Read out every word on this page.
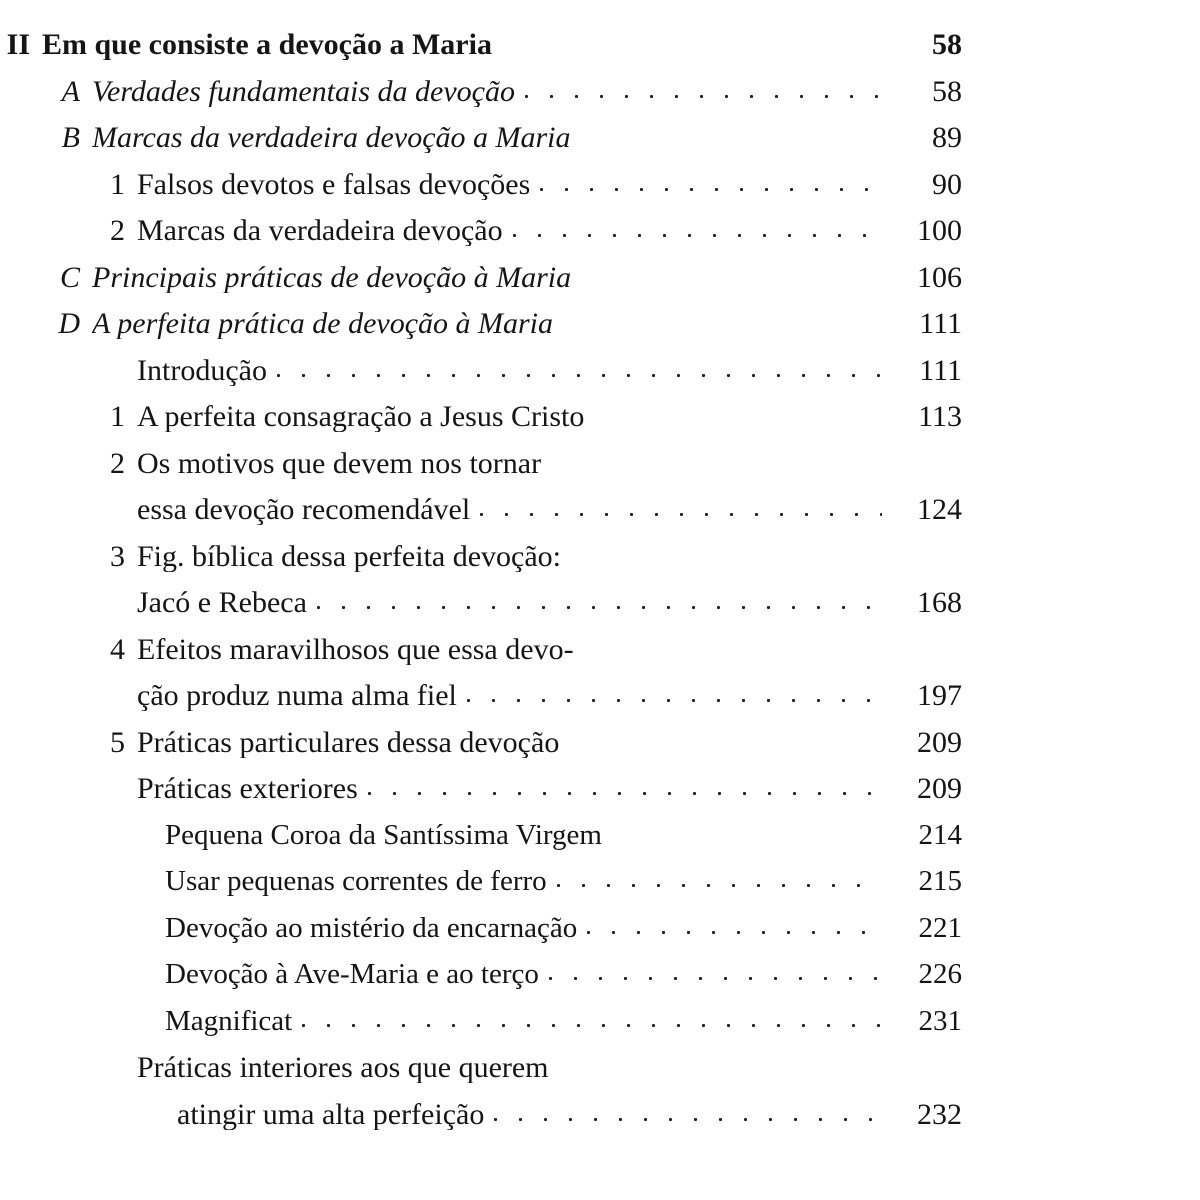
II Em que consiste a devoção a Maria	58
A Verdades fundamentais da devoção	58
B Marcas da verdadeira devoção a Maria	89
1 Falsos devotos e falsas devoções	90
2 Marcas da verdadeira devoção	100
C Principais práticas de devoção à Maria	106
D A perfeita prática de devoção à Maria	111
Introdução	111
1 A perfeita consagração a Jesus Cristo	113
2 Os motivos que devem nos tornar
essa devoção recomendável	124
3 Fig. bíblica dessa perfeita devoção:
Jacó e Rebeca	168
4 Efeitos maravilhosos que essa devo-
ção produz numa alma fiel	197
5 Práticas particulares dessa devoção	209
Práticas exteriores	209
Pequena Coroa da Santíssima Virgem	214
Usar pequenas correntes de ferro	215
Devoção ao mistério da encarnação	221
Devoção à Ave-Maria e ao terço	226
Magnificat	231
Práticas interiores aos que querem
atingir uma alta perfeição	232
